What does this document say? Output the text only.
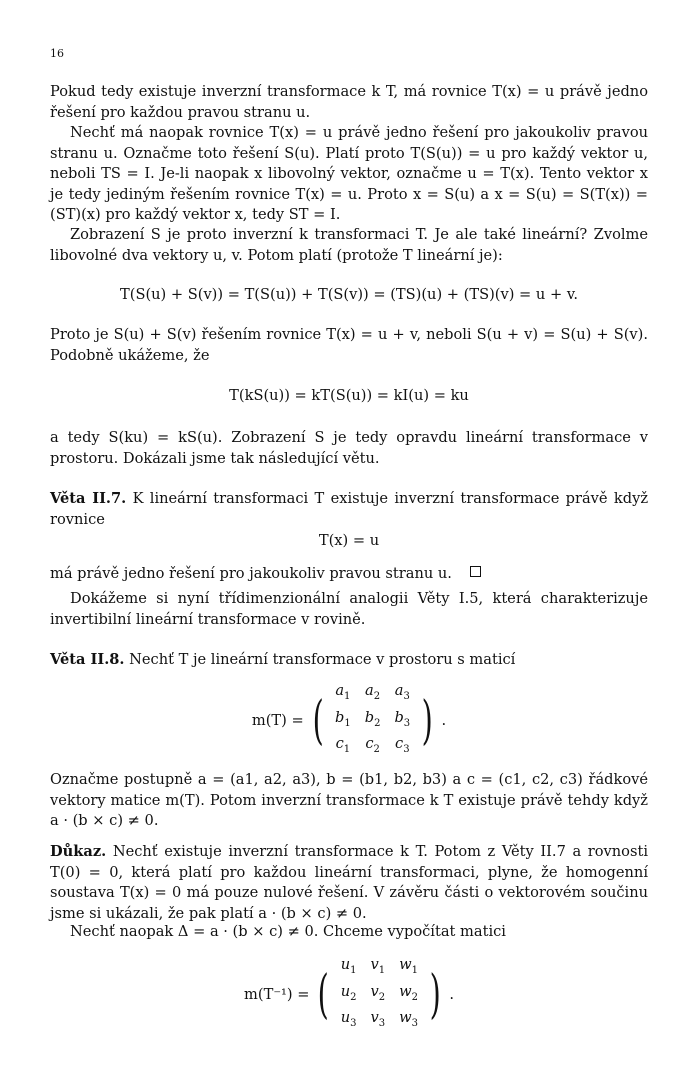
16
Pokud tedy existuje inverzní transformace k T, má rovnice T(x) = u právě jedno řešení pro každou pravou stranu u.
Nechť má naopak rovnice T(x) = u právě jedno řešení pro jakoukoliv pravou stranu u. Označme toto řešení S(u). Platí proto T(S(u)) = u pro každý vektor u, neboli TS = I. Je-li naopak x libovolný vektor, označme u = T(x). Tento vektor x je tedy jediným řešením rovnice T(x) = u. Proto x = S(u) a x = S(u) = S(T(x)) = (ST)(x) pro každý vektor x, tedy ST = I.
Zobrazení S je proto inverzní k transformaci T. Je ale také lineární? Zvolme libovolné dva vektory u, v. Potom platí (protože T lineární je):
T(S(u) + S(v)) = T(S(u)) + T(S(v)) = (TS)(u) + (TS)(v) = u + v.
Proto je S(u) + S(v) řešením rovnice T(x) = u + v, neboli S(u + v) = S(u) + S(v). Podobně ukážeme, že
T(kS(u)) = kT(S(u)) = kI(u) = ku
a tedy S(ku) = kS(u). Zobrazení S je tedy opravdu lineární transformace v prostoru. Dokázali jsme tak následující větu.
Věta II.7. K lineární transformaci T existuje inverzní transformace právě když rovnice
T(x) = u
má právě jedno řešení pro jakoukoliv pravou stranu u.
Dokážeme si nyní třídimenzionální analogii Věty I.5, která charakterizuje invertibilní lineární transformace v rovině.
Věta II.8. Nechť T je lineární transformace v prostoru s maticí
m(T) = (
$a_1$	$a_2$	$a_3$
$b_1$	$b_2$	$b_3$
$c_1$	$c_2$	$c_3$ ) .
Označme postupně a = (a1, a2, a3), b = (b1, b2, b3) a c = (c1, c2, c3) řádkové vektory matice m(T). Potom inverzní transformace k T existuje právě tehdy když a · (b × c) ≠ 0.
Důkaz. Nechť existuje inverzní transformace k T. Potom z Věty II.7 a rovnosti T(0) = 0, která platí pro každou lineární transformaci, plyne, že homogenní soustava T(x) = 0 má pouze nulové řešení. V závěru části o vektorovém součinu jsme si ukázali, že pak platí a · (b × c) ≠ 0.
Nechť naopak Δ = a · (b × c) ≠ 0. Chceme vypočítat matici
m(T⁻¹) = (
$u_1$	$v_1$	$w_1$
$u_2$	$v_2$	$w_2$
$u_3$	$v_3$	$w_3$ ) .
